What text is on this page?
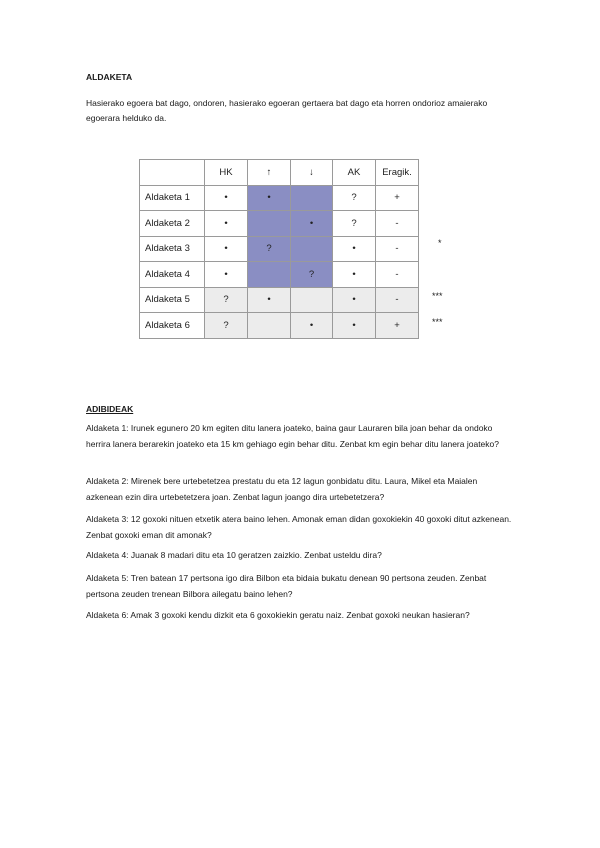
ALDAKETA
Hasierako egoera bat dago, ondoren, hasierako egoeran gertaera bat dago eta horren ondorioz amaierako egoerara helduko da.
	HK	↑	↓	AK	Eragik.
Aldaketa 1	•	•		?	+
Aldaketa 2	•		•	?	-
Aldaketa 3	•	?		•	-
Aldaketa 4	•		?	•	-
Aldaketa 5	?	•		•	-
Aldaketa 6	?		•	•	+
*
***
***
ADIBIDEAK
Aldaketa 1: Irunek egunero 20 km egiten ditu lanera joateko, baina gaur Lauraren bila joan behar da ondoko herrira lanera berarekin joateko eta 15 km gehiago egin behar ditu. Zenbat km egin behar ditu lanera joateko?
Aldaketa 2: Mirenek bere urtebetetzea prestatu du eta 12 lagun gonbidatu ditu. Laura, Mikel eta Maialen azkenean ezin dira urtebetetzera joan. Zenbat lagun joango dira urtebetetzera?
Aldaketa 3: 12 goxoki nituen etxetik atera baino lehen. Amonak eman didan goxokiekin 40 goxoki ditut azkenean. Zenbat goxoki eman dit amonak?
Aldaketa 4: Juanak 8 madari ditu eta 10 geratzen zaizkio. Zenbat usteldu dira?
Aldaketa 5: Tren batean 17 pertsona igo dira Bilbon eta bidaia bukatu denean 90 pertsona zeuden. Zenbat pertsona zeuden trenean Bilbora ailegatu baino lehen?
Aldaketa 6: Amak 3 goxoki kendu dizkit eta 6 goxokiekin geratu naiz. Zenbat goxoki neukan hasieran?
